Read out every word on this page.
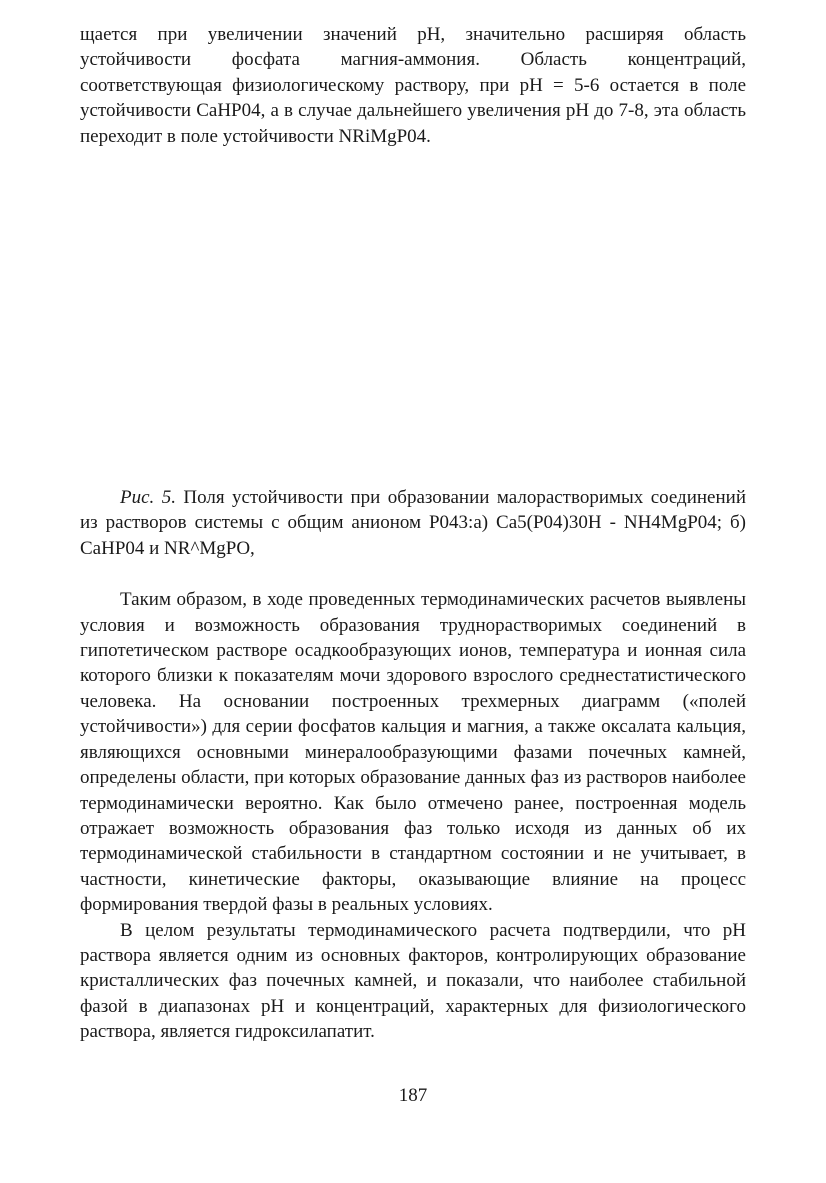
щается при увеличении значений рН, значительно расширяя область устойчивости фосфата магния-аммония. Область концентраций, соответствующая физиологическому раствору, при рН = 5-6 остается в поле устойчивости СаНР04, а в случае дальнейшего увеличения рН до 7-8, эта область переходит в поле устойчивости NRiMgP04.

Рис. 5. Поля устойчивости при образовании малорастворимых соединений из растворов системы с общим анионом Р043:а) Са5(Р04)30Н - NH4MgP04; б) СаНР04 и NR^MgPO,

Таким образом, в ходе проведенных термодинамических расчетов выявлены условия и возможность образования труднорастворимых соединений в гипотетическом растворе осадкообразующих ионов, температура и ионная сила которого близки к показателям мочи здорового взрослого среднестатистического человека. На основании построенных трехмерных диаграмм («полей устойчивости») для серии фосфатов кальция и магния, а также оксалата кальция, являющихся основными минералообразующими фазами почечных камней, определены области, при которых образование данных фаз из растворов наиболее термодинамически вероятно. Как было отмечено ранее, построенная модель отражает возможность образования фаз только исходя из данных об их термодинамической стабильности в стандартном состоянии и не учитывает, в частности, кинетические факторы, оказывающие влияние на процесс формирования твердой фазы в реальных условиях.

В целом результаты термодинамического расчета подтвердили, что рН раствора является одним из основных факторов, контролирующих образование кристаллических фаз почечных камней, и показали, что наиболее стабильной фазой в диапазонах рН и концентраций, характерных для физиологического раствора, является гидроксилапатит.

187
